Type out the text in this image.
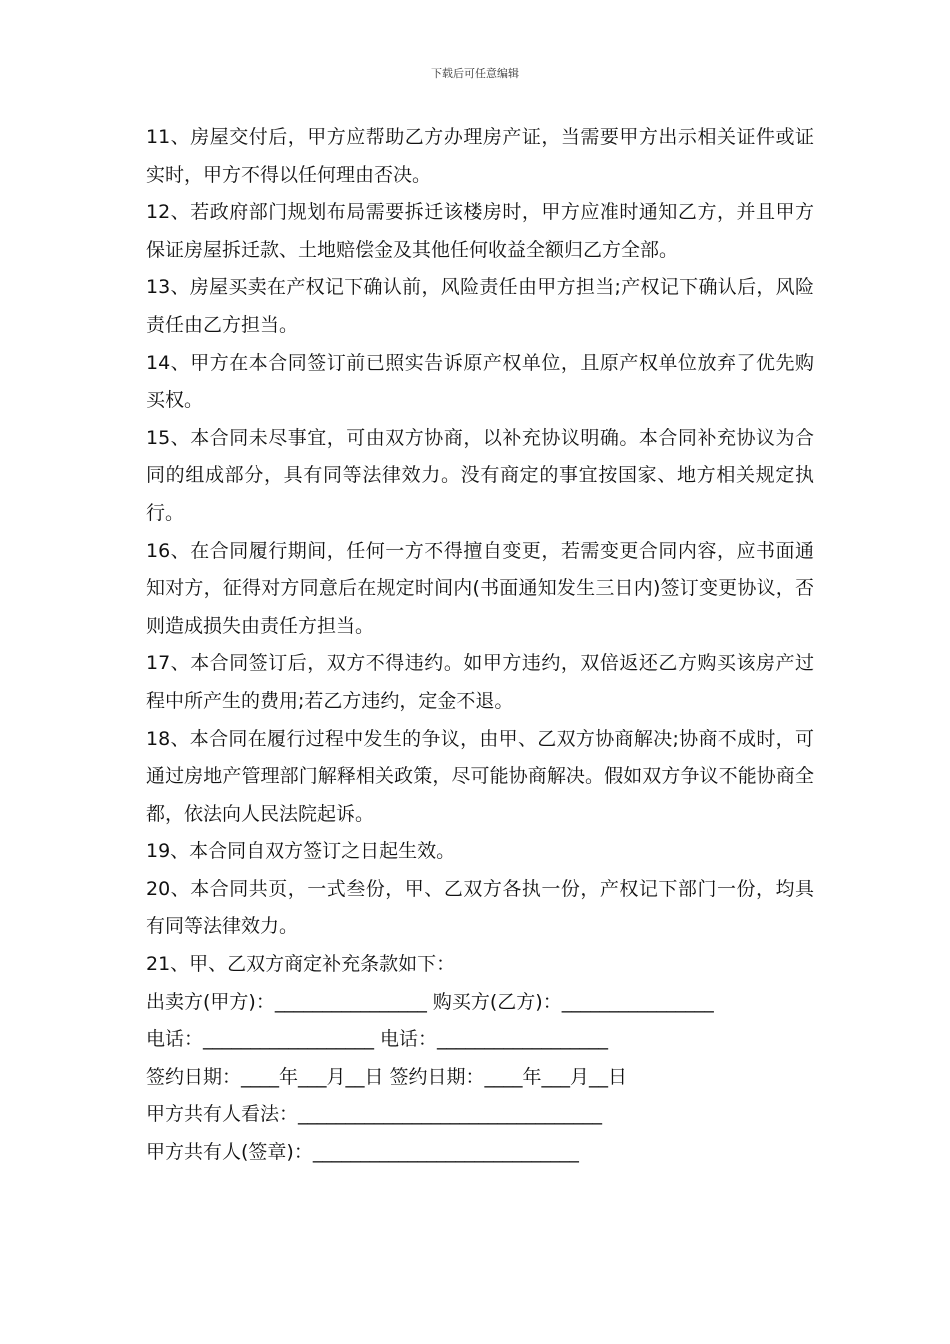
下载后可任意编辑

11、房屋交付后，甲方应帮助乙方办理房产证，当需要甲方出示相关证件或证实时，甲方不得以任何理由否决。

12、若政府部门规划布局需要拆迁该楼房时，甲方应准时通知乙方，并且甲方保证房屋拆迁款、土地赔偿金及其他任何收益全额归乙方全部。

13、房屋买卖在产权记下确认前，风险责任由甲方担当;产权记下确认后，风险责任由乙方担当。

14、甲方在本合同签订前已照实告诉原产权单位，且原产权单位放弃了优先购买权。

15、本合同未尽事宜，可由双方协商，以补充协议明确。本合同补充协议为合同的组成部分，具有同等法律效力。没有商定的事宜按国家、地方相关规定执行。

16、在合同履行期间，任何一方不得擅自变更，若需变更合同内容，应书面通知对方，征得对方同意后在规定时间内(书面通知发生三日内)签订变更协议，否则造成损失由责任方担当。

17、本合同签订后，双方不得违约。如甲方违约，双倍返还乙方购买该房产过程中所产生的费用;若乙方违约，定金不退。

18、本合同在履行过程中发生的争议，由甲、乙双方协商解决;协商不成时，可通过房地产管理部门解释相关政策，尽可能协商解决。假如双方争议不能协商全都，依法向人民法院起诉。

19、本合同自双方签订之日起生效。

20、本合同共页，一式叁份，甲、乙双方各执一份，产权记下部门一份，均具有同等法律效力。

21、甲、乙双方商定补充条款如下：

出卖方(甲方)：________________ 购买方(乙方)：________________

电话：__________________ 电话：__________________

签约日期：____年___月__日 签约日期：____年___月__日

甲方共有人看法：________________________________

甲方共有人(签章)：____________________________
